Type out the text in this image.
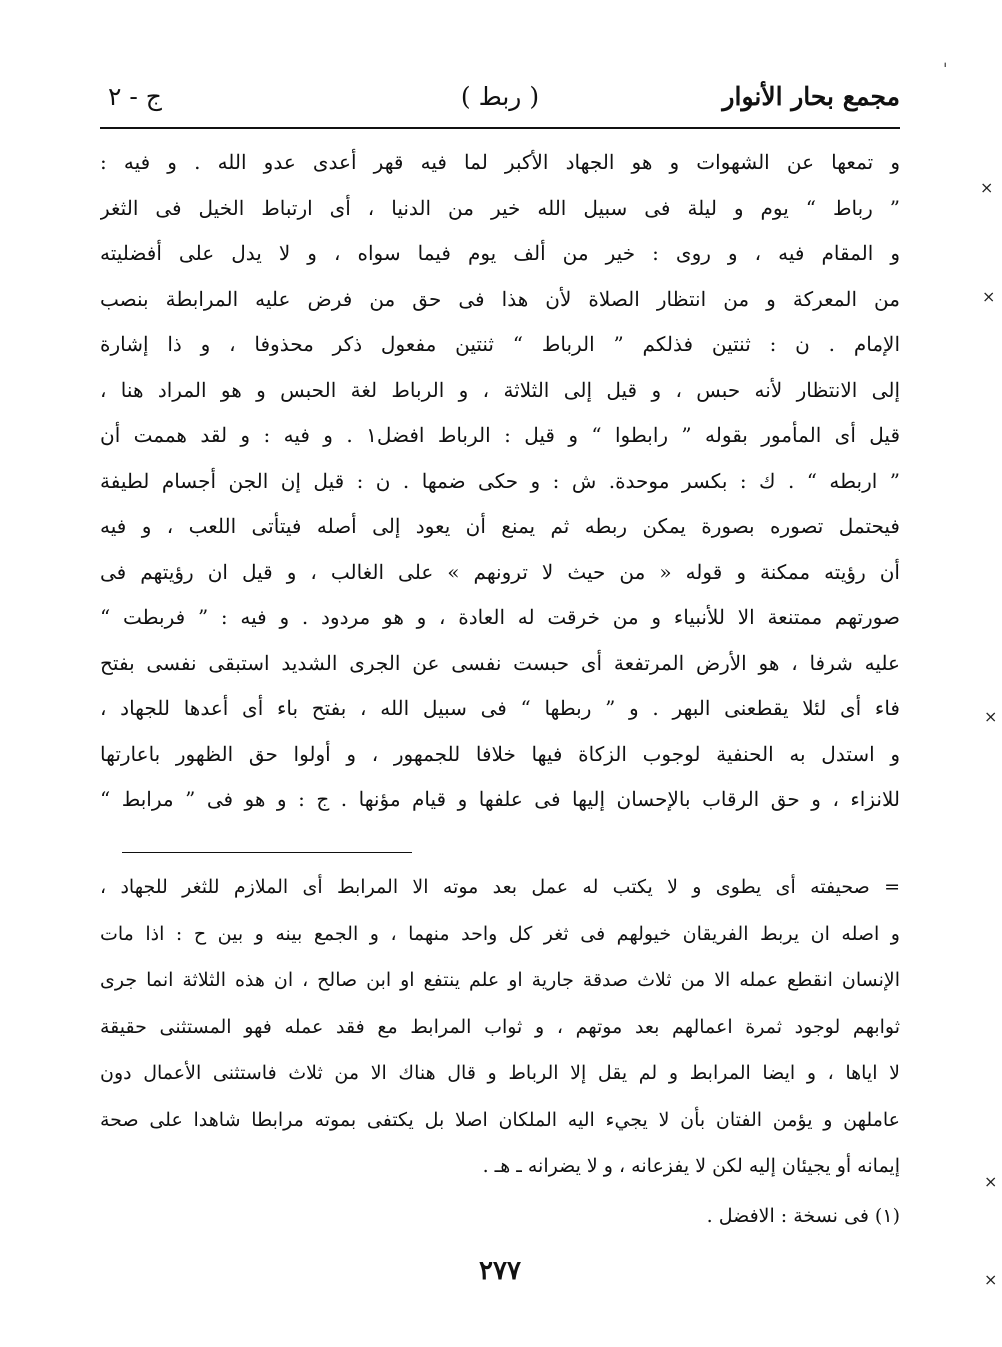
مجمع بحار الأنوار
( ربط )
ج - ٢
و تمعها عن الشهوات و هو الجهاد الأكبر لما فيه قهر أعدى عدو الله . و فيه :
” رباط “ يوم و ليلة فى سبيل الله خير من الدنيا ، أى ارتباط الخيل فى الثغر
و المقام فيه ، و روى : خير من ألف يوم فيما سواه ، و لا يدل على أفضليته
من المعركة و من انتظار الصلاة لأن هذا فى حق من فرض عليه المرابطة بنصب
الإمام . ن : ثنتين فذلكم ” الرباط “ ثنتين مفعول ذكر محذوفا ، و ذا إشارة
إلى الانتظار لأنه حبس ، و قيل إلى الثلاثة ، و الرباط لغة الحبس و هو المراد هنا ،
قيل أى المأمور بقوله ” رابطوا “ و قيل : الرباط افضل١ . و فيه : و لقد هممت أن
” اربطه “ . ك : بكسر موحدة. ش : و حكى ضمها . ن : قيل إن الجن أجسام لطيفة
فيحتمل تصوره بصورة يمكن ربطه ثم يمنع أن يعود إلى أصله فيتأتى اللعب ، و فيه
أن رؤيته ممكنة و قوله « من حيث لا ترونهم » على الغالب ، و قيل ان رؤيتهم فى
صورتهم ممتنعة الا للأنبياء و من خرقت له العادة ، و هو مردود . و فيه : ” فربطت “
عليه شرفا ، هو الأرض المرتفعة أى حبست نفسى عن الجرى الشديد استبقى نفسى بفتح
فاء أى لئلا يقطعنى البهر . و ” ربطها “ فى سبيل الله ، بفتح باء أى أعدها للجهاد ،
و استدل به الحنفية لوجوب الزكاة فيها خلافا للجمهور ، و أولوا حق الظهور باعارتها
للانزاء ، و حق الرقاب بالإحسان إليها فى علفها و قيام مؤنها . ج : و هو فى ” مرابط “
= صحيفته أى يطوى و لا يكتب له عمل بعد موته الا المرابط أى الملازم للثغر للجهاد ،
و اصله ان يربط الفريقان خيولهم فى ثغر كل واحد منهما ، و الجمع بينه و بين ح : اذا مات
الإنسان انقطع عمله الا من ثلاث صدقة جارية او علم ينتفع او ابن صالح ، ان هذه الثلاثة انما جرى
ثوابهم لوجود ثمرة اعمالهم بعد موتهم ، و ثواب المرابط مع فقد عمله فهو المستثنى حقيقة
لا اياها ، و ايضا المرابط و لم يقل إلا الرباط و قال هناك الا من ثلاث فاستثنى الأعمال دون
عاملهن و يؤمن الفتان بأن لا يجيء اليه الملكان اصلا بل يكتفى بموته مرابطا شاهدا على صحة
إيمانه أو يجيئان إليه لكن لا يفزعانه ، و لا يضرانه ـ هـ .
(١) فى نسخة : الافضل .
٢٧٧
ˈ
⨯
⨯
⨯
⨯
⨯
